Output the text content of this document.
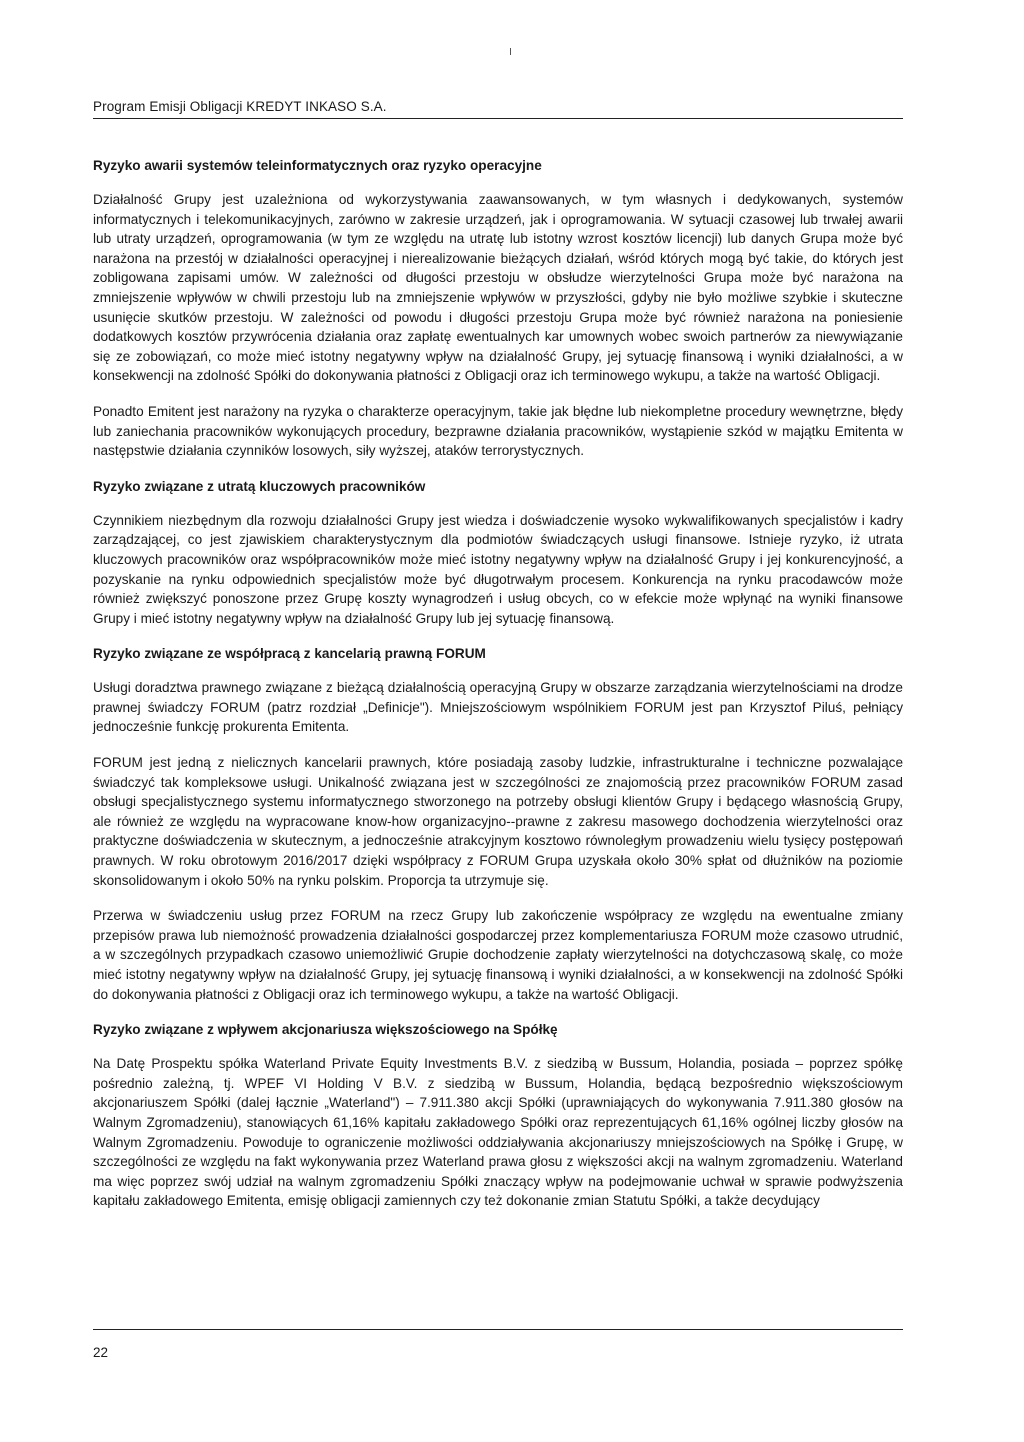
Program Emisji Obligacji KREDYT INKASO S.A.
Ryzyko awarii systemów teleinformatycznych oraz ryzyko operacyjne

Działalność Grupy jest uzależniona od wykorzystywania zaawansowanych, w tym własnych i dedykowanych, systemów informatycznych i telekomunikacyjnych, zarówno w zakresie urządzeń, jak i oprogramowania. W sytuacji czasowej lub trwałej awarii lub utraty urządzeń, oprogramowania (w tym ze względu na utratę lub istotny wzrost kosztów licencji) lub danych Grupa może być narażona na przestój w działalności operacyjnej i nierealizowanie bieżących działań, wśród których mogą być takie, do których jest zobligowana zapisami umów. W zależności od długości przestoju w obsłudze wierzytelności Grupa może być narażona na zmniejszenie wpływów w chwili przestoju lub na zmniejszenie wpływów w przyszłości, gdyby nie było możliwe szybkie i skuteczne usunięcie skutków przestoju. W zależności od powodu i długości przestoju Grupa może być również narażona na poniesienie dodatkowych kosztów przywrócenia działania oraz zapłatę ewentualnych kar umownych wobec swoich partnerów za niewywiązanie się ze zobowiązań, co może mieć istotny negatywny wpływ na działalność Grupy, jej sytuację finansową i wyniki działalności, a w konsekwencji na zdolność Spółki do dokonywania płatności z Obligacji oraz ich terminowego wykupu, a także na wartość Obligacji.

Ponadto Emitent jest narażony na ryzyka o charakterze operacyjnym, takie jak błędne lub niekompletne procedury wewnętrzne, błędy lub zaniechania pracowników wykonujących procedury, bezprawne działania pracowników, wystąpienie szkód w majątku Emitenta w następstwie działania czynników losowych, siły wyższej, ataków terrorystycznych.

Ryzyko związane z utratą kluczowych pracowników

Czynnikiem niezbędnym dla rozwoju działalności Grupy jest wiedza i doświadczenie wysoko wykwalifikowanych specjalistów i kadry zarządzającej, co jest zjawiskiem charakterystycznym dla podmiotów świadczących usługi finansowe. Istnieje ryzyko, iż utrata kluczowych pracowników oraz współpracowników może mieć istotny negatywny wpływ na działalność Grupy i jej konkurencyjność, a pozyskanie na rynku odpowiednich specjalistów może być długotrwałym procesem. Konkurencja na rynku pracodawców może również zwiększyć ponoszone przez Grupę koszty wynagrodzeń i usług obcych, co w efekcie może wpłynąć na wyniki finansowe Grupy i mieć istotny negatywny wpływ na działalność Grupy lub jej sytuację finansową.

Ryzyko związane ze współpracą z kancelarią prawną FORUM

Usługi doradztwa prawnego związane z bieżącą działalnością operacyjną Grupy w obszarze zarządzania wierzytelnościami na drodze prawnej świadczy FORUM (patrz rozdział „Definicje"). Mniejszościowym wspólnikiem FORUM jest pan Krzysztof Piluś, pełniący jednocześnie funkcję prokurenta Emitenta.

FORUM jest jedną z nielicznych kancelarii prawnych, które posiadają zasoby ludzkie, infrastrukturalne i techniczne pozwalające świadczyć tak kompleksowe usługi. Unikalność związana jest w szczególności ze znajomością przez pracowników FORUM zasad obsługi specjalistycznego systemu informatycznego stworzonego na potrzeby obsługi klientów Grupy i będącego własnością Grupy, ale również ze względu na wypracowane know-how organizacyjno--prawne z zakresu masowego dochodzenia wierzytelności oraz praktyczne doświadczenia w skutecznym, a jednocześnie atrakcyjnym kosztowo równoległym prowadzeniu wielu tysięcy postępowań prawnych. W roku obrotowym 2016/2017 dzięki współpracy z FORUM Grupa uzyskała około 30% spłat od dłużników na poziomie skonsolidowanym i około 50% na rynku polskim. Proporcja ta utrzymuje się.

Przerwa w świadczeniu usług przez FORUM na rzecz Grupy lub zakończenie współpracy ze względu na ewentualne zmiany przepisów prawa lub niemożność prowadzenia działalności gospodarczej przez komplementariusza FORUM może czasowo utrudnić, a w szczególnych przypadkach czasowo uniemożliwić Grupie dochodzenie zapłaty wierzytelności na dotychczasową skalę, co może mieć istotny negatywny wpływ na działalność Grupy, jej sytuację finansową i wyniki działalności, a w konsekwencji na zdolność Spółki do dokonywania płatności z Obligacji oraz ich terminowego wykupu, a także na wartość Obligacji.

Ryzyko związane z wpływem akcjonariusza większościowego na Spółkę

Na Datę Prospektu spółka Waterland Private Equity Investments B.V. z siedzibą w Bussum, Holandia, posiada – poprzez spółkę pośrednio zależną, tj. WPEF VI Holding V B.V. z siedzibą w Bussum, Holandia, będącą bezpośrednio większościowym akcjonariuszem Spółki (dalej łącznie „Waterland") – 7.911.380 akcji Spółki (uprawniających do wykonywania 7.911.380 głosów na Walnym Zgromadzeniu), stanowiących 61,16% kapitału zakładowego Spółki oraz reprezentujących 61,16% ogólnej liczby głosów na Walnym Zgromadzeniu. Powoduje to ograniczenie możliwości oddziaływania akcjonariuszy mniejszościowych na Spółkę i Grupę, w szczególności ze względu na fakt wykonywania przez Waterland prawa głosu z większości akcji na walnym zgromadzeniu. Waterland ma więc poprzez swój udział na walnym zgromadzeniu Spółki znaczący wpływ na podejmowanie uchwał w sprawie podwyższenia kapitału zakładowego Emitenta, emisję obligacji zamiennych czy też dokonanie zmian Statutu Spółki, a także decydujący

22
